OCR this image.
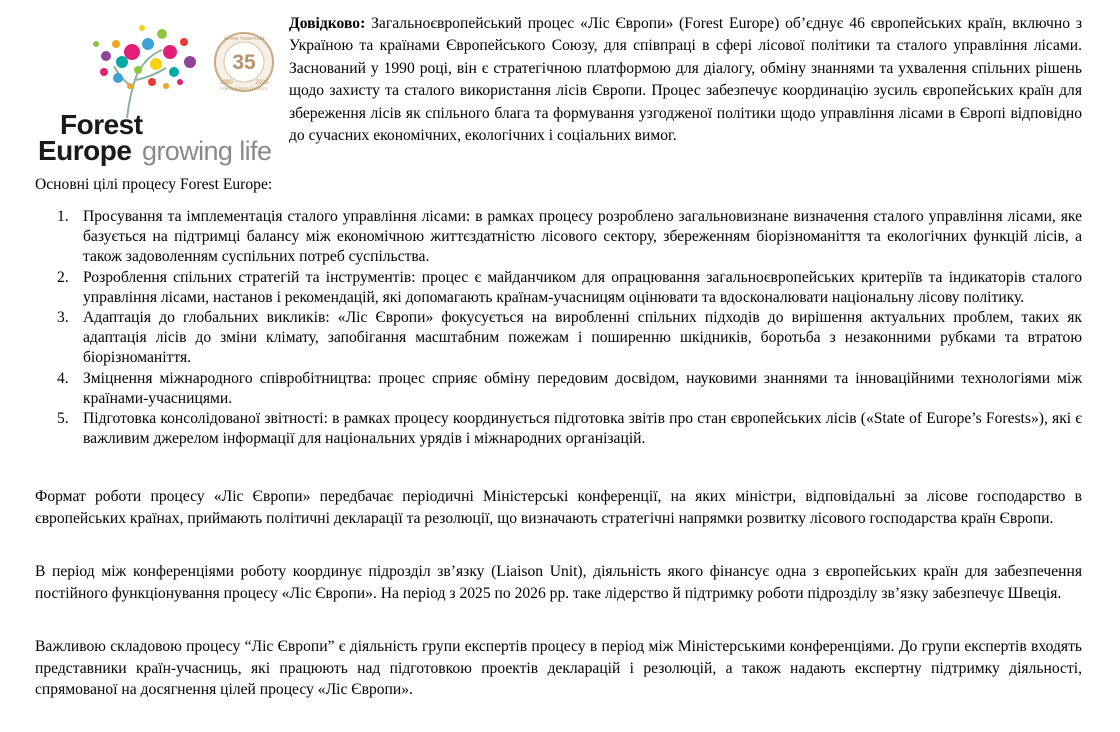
35
1990	2025
YEARS TOGETHER
FOR EUROPE'S FORESTS
Forest
Europe growing life
Довідково: Загальноєвропейський процес «Ліс Європи» (Forest Europe) об’єднує 46 європейських країн, включно з Україною та країнами Європейського Союзу, для співпраці в сфері лісової політики та сталого управління лісами. Заснований у 1990 році, він є стратегічною платформою для діалогу, обміну знаннями та ухвалення спільних рішень щодо захисту та сталого використання лісів Європи. Процес забезпечує координацію зусиль європейських країн для збереження лісів як спільного блага та формування узгодженої політики щодо управління лісами в Європі відповідно до сучасних економічних, екологічних і соціальних вимог.
Основні цілі процесу Forest Europe:
1. Просування та імплементація сталого управління лісами: в рамках процесу розроблено загальновизнане визначення сталого управління лісами, яке базується на підтримці балансу між економічною життєздатністю лісового сектору, збереженням біорізноманіття та екологічних функцій лісів, а також задоволенням суспільних потреб суспільства.
2. Розроблення спільних стратегій та інструментів: процес є майданчиком для опрацювання загальноєвропейських критеріїв та індикаторів сталого управління лісами, настанов і рекомендацій, які допомагають країнам-учасницям оцінювати та вдосконалювати національну лісову політику.
3. Адаптація до глобальних викликів: «Ліс Європи» фокусується на виробленні спільних підходів до вирішення актуальних проблем, таких як адаптація лісів до зміни клімату, запобігання масштабним пожежам і поширенню шкідників, боротьба з незаконними рубками та втратою біорізноманіття.
4. Зміцнення міжнародного співробітництва: процес сприяє обміну передовим досвідом, науковими знаннями та інноваційними технологіями між країнами-учасницями.
5. Підготовка консолідованої звітності: в рамках процесу координується підготовка звітів про стан європейських лісів («State of Europe’s Forests»), які є важливим джерелом інформації для національних урядів і міжнародних організацій.

Формат роботи процесу «Ліс Європи» передбачає періодичні Міністерські конференції, на яких міністри, відповідальні за лісове господарство в європейських країнах, приймають політичні декларації та резолюції, що визначають стратегічні напрямки розвитку лісового господарства країн Європи.

В період між конференціями роботу координує підрозділ зв’язку (Liaison Unit), діяльність якого фінансує одна з європейських країн для забезпечення постійного функціонування процесу «Ліс Європи». На період з 2025 по 2026 рр. таке лідерство й підтримку роботи підрозділу зв’язку забезпечує Швеція.

Важливою складовою процесу “Ліс Європи” є діяльність групи експертів процесу в період між Міністерськими конференціями. До групи експертів входять представники країн-учасниць, які працюють над підготовкою проектів декларацій і резолюцій, а також надають експертну підтримку діяльності, спрямованої на досягнення цілей процесу «Ліс Європи».
